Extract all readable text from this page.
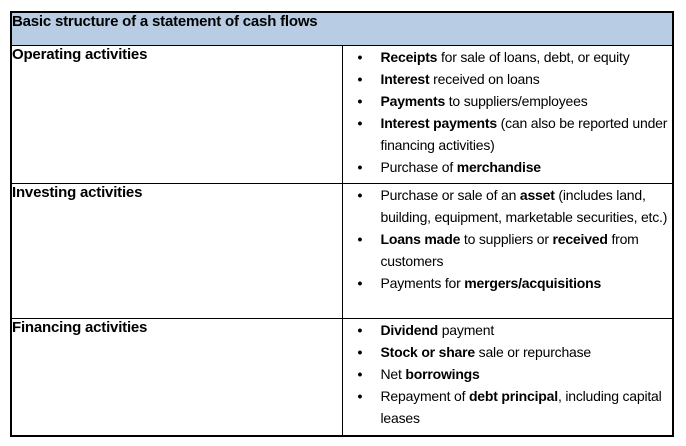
Basic structure of a statement of cash flows	
Operating activities	•	Receipts for sale of loans, debt, or equity
•	Interest received on loans
•	Payments to suppliers/employees
•	Interest payments (can also be reported under financing activities)
•	Purchase of merchandise

Investing activities	•	Purchase or sale of an asset (includes land, building, equipment, marketable securities, etc.)
•	Loans made to suppliers or received from customers
•	Payments for mergers/acquisitions

Financing activities	•	Dividend payment
•	Stock or share sale or repurchase
•	Net borrowings
•	Repayment of debt principal, including capital leases
